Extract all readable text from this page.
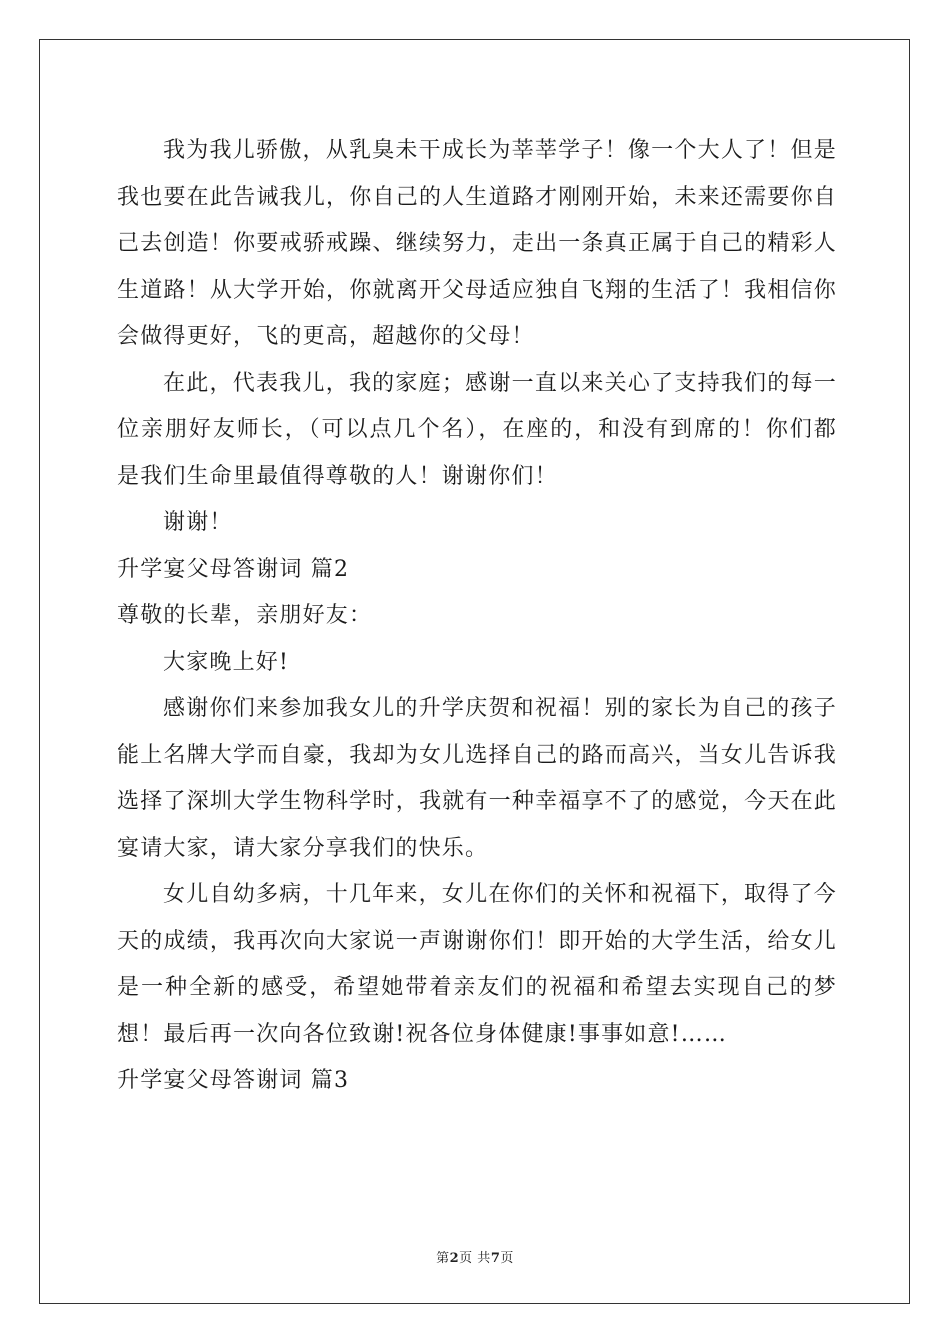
我为我儿骄傲，从乳臭未干成长为莘莘学子！像一个大人了！但是我也要在此告诫我儿，你自己的人生道路才刚刚开始，未来还需要你自己去创造！你要戒骄戒躁、继续努力，走出一条真正属于自己的精彩人生道路！从大学开始，你就离开父母适应独自飞翔的生活了！我相信你会做得更好，飞的更高，超越你的父母！

在此，代表我儿，我的家庭；感谢一直以来关心了支持我们的每一位亲朋好友师长，（可以点几个名），在座的，和没有到席的！你们都是我们生命里最值得尊敬的人！谢谢你们！

谢谢！

升学宴父母答谢词 篇2

尊敬的长辈，亲朋好友：

大家晚上好!

感谢你们来参加我女儿的升学庆贺和祝福！别的家长为自己的孩子能上名牌大学而自豪，我却为女儿选择自己的路而高兴，当女儿告诉我选择了深圳大学生物科学时，我就有一种幸福享不了的感觉，今天在此宴请大家，请大家分享我们的快乐。

女儿自幼多病，十几年来，女儿在你们的关怀和祝福下，取得了今天的成绩，我再次向大家说一声谢谢你们！即开始的大学生活，给女儿是一种全新的感受，希望她带着亲友们的祝福和希望去实现自己的梦想！最后再一次向各位致谢!祝各位身体健康!事事如意!……

升学宴父母答谢词 篇3

第2页 共7页
